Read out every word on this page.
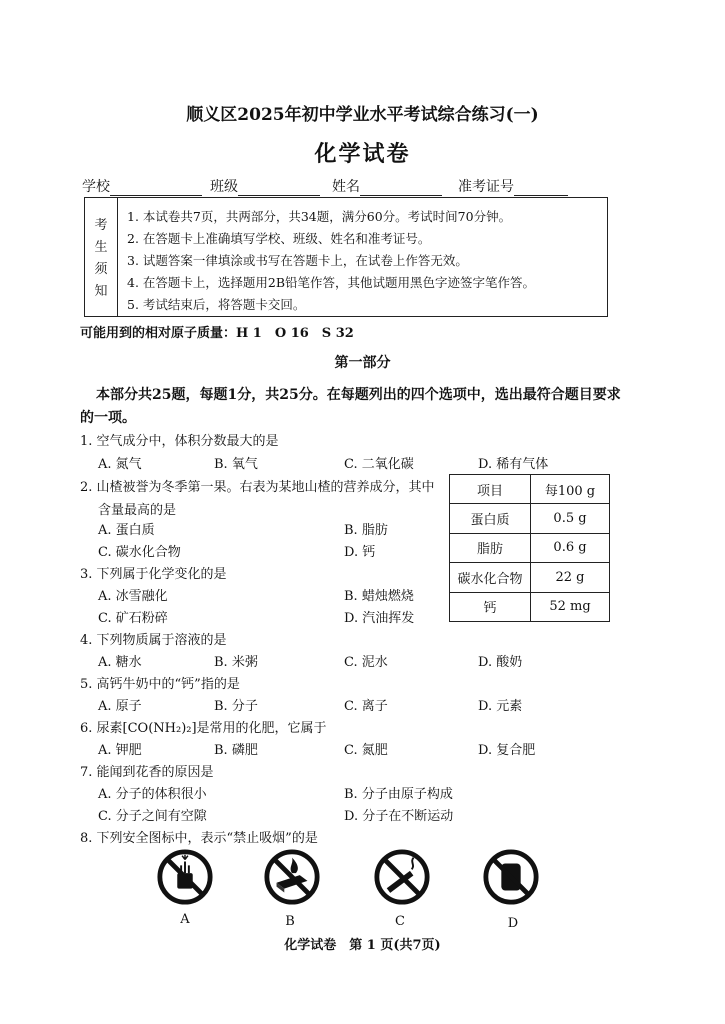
顺义区2025年初中学业水平考试综合练习(一)
化学试卷
学校	班级	姓名	准考证号
考
生
须
知
1. 本试卷共7页，共两部分，共34题，满分60分。考试时间70分钟。
2. 在答题卡上准确填写学校、班级、姓名和准考证号。
3. 试题答案一律填涂或书写在答题卡上，在试卷上作答无效。
4. 在答题卡上，选择题用2B铅笔作答，其他试题用黑色字迹签字笔作答。
5. 考试结束后，将答题卡交回。
可能用到的相对原子质量：H 1　O 16　S 32
第一部分
本部分共25题，每题1分，共25分。在每题列出的四个选项中，选出最符合题目要求
的一项。
1. 空气成分中，体积分数最大的是
A. 氮气	B. 氧气	C. 二氧化碳	D. 稀有气体
2. 山楂被誉为冬季第一果。右表为某地山楂的营养成分，其中
含量最高的是
A. 蛋白质	B. 脂肪
C. 碳水化合物	D. 钙
项目	每100 g
蛋白质	0.5 g
脂肪	0.6 g
碳水化合物	22 g
钙	52 mg
3. 下列属于化学变化的是
A. 冰雪融化	B. 蜡烛燃烧
C. 矿石粉碎	D. 汽油挥发
4. 下列物质属于溶液的是
A. 糖水	B. 米粥	C. 泥水	D. 酸奶
5. 高钙牛奶中的“钙”指的是
A. 原子	B. 分子	C. 离子	D. 元素
6. 尿素[CO(NH₂)₂]是常用的化肥，它属于
A. 钾肥	B. 磷肥	C. 氮肥	D. 复合肥
7. 能闻到花香的原因是
A. 分子的体积很小	B. 分子由原子构成
C. 分子之间有空隙	D. 分子在不断运动
8. 下列安全图标中，表示“禁止吸烟”的是
A	B	C	D
化学试卷　第 1 页(共7页)
